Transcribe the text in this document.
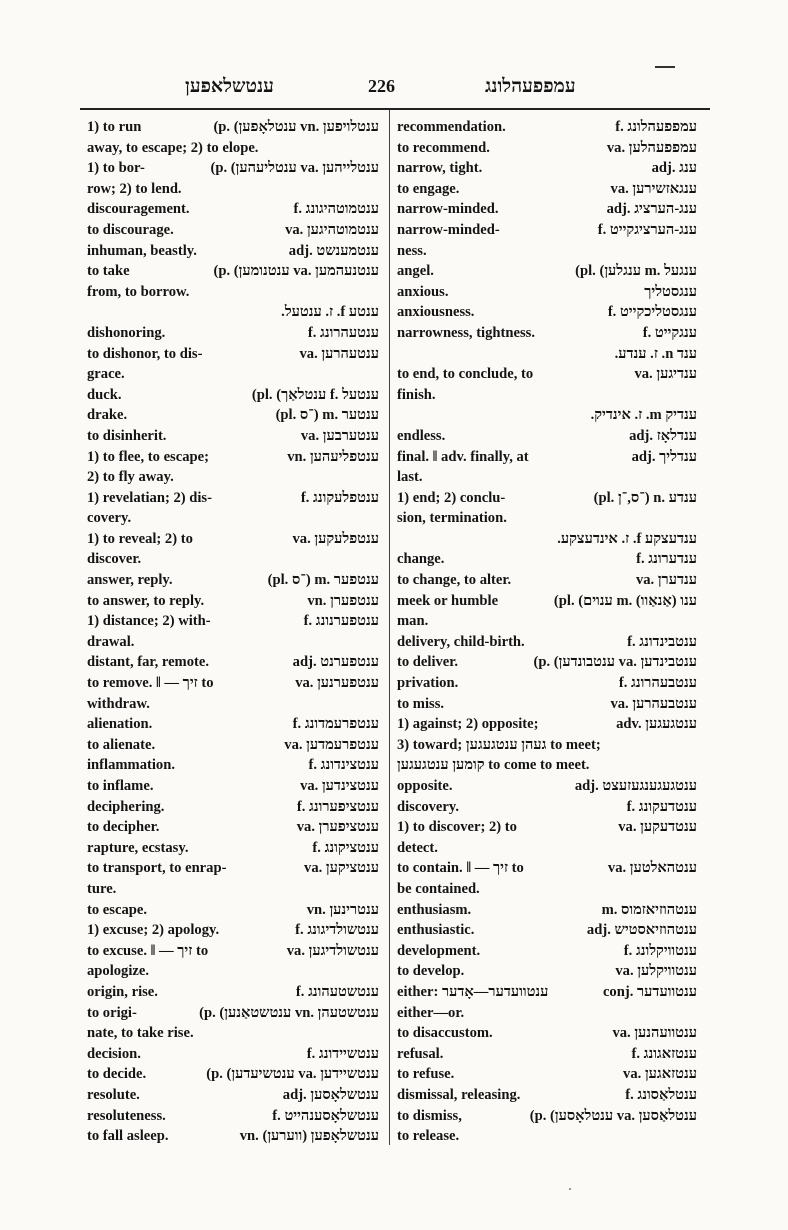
ענטשלאפען	226	עמפפעהלונג
1) to run	(p. (ענטלאָפען vn. ענטלויפען
away, to escape; 2) to elope.
1) to bor-	(p. (ענטליעהען va. ענטלייהען
row; 2) to lend.
discouragement.	f. ענטמוטהיגונג
to discourage.	va. ענטמוטהיגען
inhuman, beastly.	adj. ענטמענשט
to take	(p. (ענטנומען va. ענטנעהמען
from, to borrow.
ענטע f. ז. ענטעל.
dishonoring.	f. ענטעהרונג
to dishonor, to dis-	va. ענטעהרען
grace.
duck.	(pl. (ענטלאַך f. ענטעל
drake.	(pl. ־ס) m. ענטער
to disinherit.	va. ענטערבען
1) to flee, to escape;	vn. ענטפליעהען
2) to fly away.
1) revelatian; 2) dis-	f. ענטפלעקונג
covery.
1) to reveal; 2) to	va. ענטפלעקען
discover.
answer, reply.	(pl. ־ס) m. ענטפער
to answer, to reply.	vn. ענטפערן
1) distance; 2) with-	f. ענטפערנונג
drawal.
distant, far, remote.	adj. ענטפערנט
to remove. ‖ — זיך to	va. ענטפערנען
withdraw.
alienation.	f. ענטפרעמדונג
to alienate.	va. ענטפרעמדען
inflammation.	f. ענטצינדונג
to inflame.	va. ענטצינדען
deciphering.	f. ענטציפערונג
to decipher.	va. ענטציפערן
rapture, ecstasy.	f. ענטציקונג
to transport, to enrap-	va. ענטציקען
ture.
to escape.	vn. ענטרינען
1) excuse; 2) apology.	f. ענטשולדיגונג
to excuse. ‖ — זיך to	va. ענטשולדיגען
apologize.
origin, rise.	f. ענטשטעהונג
to origi-	(p. (ענטשטאַנען vn. ענטשטעהן
nate, to take rise.
decision.	f. ענטשיידונג
to decide.	(p. (ענטשיעדען va. ענטשיידען
resolute.	adj. ענטשלאָסען
resoluteness.	f. ענטשלאָסענהייט
to fall asleep.	vn. (ווערען) ענטשלאָפען
recommendation.	f. עמפפעהלונג
to recommend.	va. עמפפעהלען
narrow, tight.	adj. ענג
to engage.	va. ענגאזשירען
narrow-minded.	adj. ענג-הערציג
narrow-minded-	f. ענג-הערציגקייט
ness.
angel.	(pl. (ענגלען m. ענגעל
anxious.	ענגסטליך
anxiousness.	f. ענגסטליכקייט
narrowness, tightness.	f. ענגקייט
ענד n. ז. ענדע.
to end, to conclude, to	va. ענדיגען
finish.
ענדיק m. ז. אינדיק.
endless.	adj. ענדלאָז
final. ‖ adv. finally, at	adj. ענדליך
last.
1) end; 2) conclu-	(pl. ־ס,־ן) n. ענדע
sion, termination.
ענדעצקע f. ז. אינדעצקע.
change.	f. ענדערונג
to change, to alter.	va. ענדערן
meek or humble	(pl. (ענוים m. (אַנאַוו) ענו
man.
delivery, child-birth.	f. ענטבינדונג
to deliver.	(p. (ענטבונדען va. ענטבינדען
privation.	f. ענטבעהרונג
to miss.	va. ענטבעהרען
1) against; 2) opposite;	adv. ענטגעגען
3) toward; געהן ענטגעגען to meet;
קומען ענטגעגען to come to meet.
opposite.	adj. ענטגעגענגעזעצט
discovery.	f. ענטדעקונג
1) to discover; 2) to	va. ענטדעקען
detect.
to contain. ‖ — זיך to	va. ענטהאלטען
be contained.
enthusiasm.	m. ענטהוזיאזמוס
enthusiastic.	adj. ענטהוזיאסטיש
development.	f. ענטוויקלונג
to develop.	va. ענטוויקלען
either: ענטוועדער—אָדער	conj. ענטוועדער
either—or.
to disaccustom.	va. ענטוועהנען
refusal.	f. ענטזאגונג
to refuse.	va. ענטזאגען
dismissal, releasing.	f. ענטלאַסונג
to dismiss,	(p. (ענטלאָסען va. ענטלאַסען
to release.
